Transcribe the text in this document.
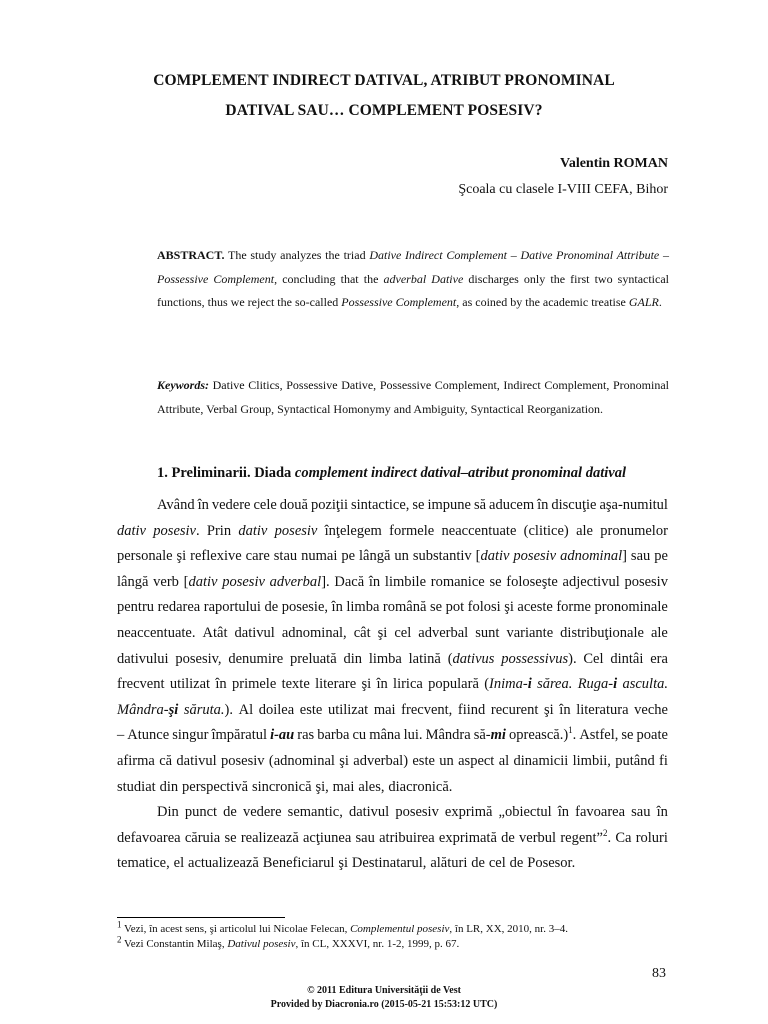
COMPLEMENT INDIRECT DATIVAL, ATRIBUT PRONOMINAL
DATIVAL SAU… COMPLEMENT POSESIV?
Valentin ROMAN
Şcoala cu clasele I-VIII CEFA, Bihor
ABSTRACT. The study analyzes the triad Dative Indirect Complement – Dative Pronominal Attribute – Possessive Complement, concluding that the adverbal Dative discharges only the first two syntactical functions, thus we reject the so-called Possessive Complement, as coined by the academic treatise GALR.
Keywords: Dative Clitics, Possessive Dative, Possessive Complement, Indirect Complement, Pronominal Attribute, Verbal Group, Syntactical Homonymy and Ambiguity, Syntactical Reorganization.
1. Preliminarii. Diada complement indirect datival–atribut pronominal datival
Având în vedere cele două poziţii sintactice, se impune să aducem în discuţie aşa-numitul
dativ posesiv. Prin dativ posesiv înţelegem formele neaccentuate (clitice) ale pronumelor
personale şi reflexive care stau numai pe lângă un substantiv [dativ posesiv adnominal] sau pe
lângă verb [dativ posesiv adverbal]. Dacă în limbile romanice se foloseşte adjectivul posesiv
pentru redarea raportului de posesie, în limba română se pot folosi şi aceste forme pronominale
neaccentuate. Atât dativul adnominal, cât şi cel adverbal sunt variante distribuţionale ale
dativului posesiv, denumire preluată din limba latină (dativus possessivus). Cel dintâi era
frecvent utilizat în primele texte literare şi în lirica populară (Inima-i sărea. Ruga-i asculta.
Mândra-şi săruta.). Al doilea este utilizat mai frecvent, fiind recurent şi în literatura veche
– Atunce singur împăratul i-au ras barba cu mâna lui. Mândra să-mi oprească.)$^1$. Astfel, se poate
afirma că dativul posesiv (adnominal şi adverbal) este un aspect al dinamicii limbii, putând fi
studiat din perspectivă sincronică şi, mai ales, diacronică.
Din punct de vedere semantic, dativul posesiv exprimă „obiectul în favoarea sau în
defavoarea căruia se realizează acţiunea sau atribuirea exprimată de verbul regent”$^2$. Ca roluri
tematice, el actualizează Beneficiarul şi Destinatarul, alături de cel de Posesor.
$^1$ Vezi, în acest sens, şi articolul lui Nicolae Felecan, Complementul posesiv, în LR, XX, 2010, nr. 3–4.
$^2$ Vezi Constantin Milaş, Dativul posesiv, în CL, XXXVI, nr. 1-2, 1999, p. 67.
83
© 2011 Editura Universităţii de Vest
Provided by Diacronia.ro (2015-05-21 15:53:12 UTC)
